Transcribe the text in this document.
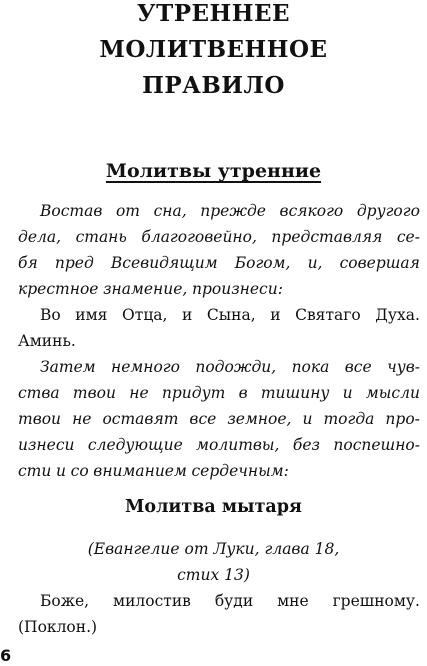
УТРЕННЕЕ
МОЛИТВЕННОЕ
ПРАВИЛО
Молитвы утренние
Востав от сна, прежде всякого другого
дела, стань благоговейно, представляя се-
бя пред Всевидящим Богом, и, совершая
крестное знамение, произнеси:
Во имя Отца, и Сына, и Святаго Духа.
Аминь.
Затем немного подожди, пока все чув-
ства твои не придут в тишину и мысли
твои не оставят все земное, и тогда про-
изнеси следующие молитвы, без поспешно-
сти и со вниманием сердечным:
Молитва мытаря
(Евангелие от Луки, глава 18,
стих 13)
Боже, милостив буди мне грешному.
(Поклон.)
6
